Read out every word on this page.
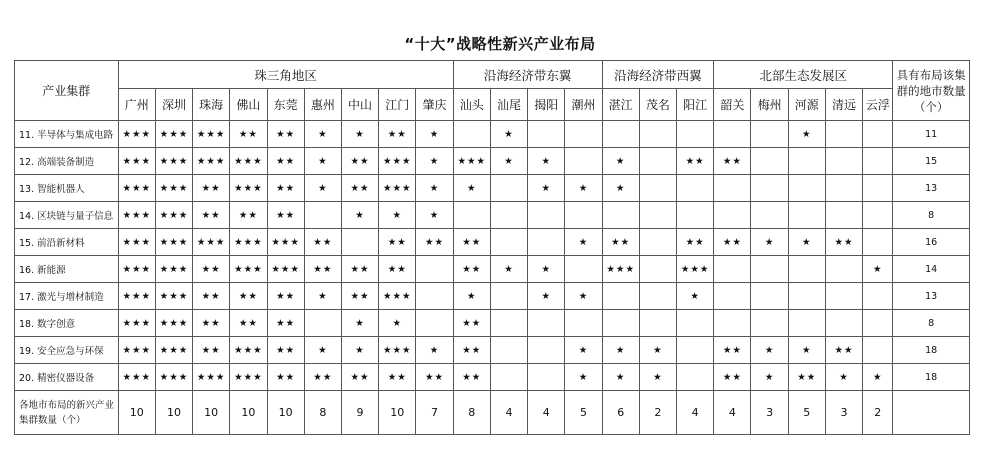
“十大”战略性新兴产业布局
产业集群	珠三角地区									沿海经济带东翼				沿海经济带西翼			北部生态发展区					具有布局该集群的地市数量（个）
	广州	深圳	珠海	佛山	东莞	惠州	中山	江门	肇庆	汕头	汕尾	揭阳	潮州	湛江	茂名	阳江	韶关	梅州	河源	清远	云浮	
11. 半导体与集成电路	★★★	★★★	★★★	★★	★★	★	★	★★	★		★								★			11
12. 高端装备制造	★★★	★★★	★★★	★★★	★★	★	★★	★★★	★	★★★	★	★		★		★★	★★					15
13. 智能机器人	★★★	★★★	★★	★★★	★★	★	★★	★★★	★	★		★	★	★								13
14. 区块链与量子信息	★★★	★★★	★★	★★	★★		★	★	★													8
15. 前沿新材料	★★★	★★★	★★★	★★★	★★★	★★		★★	★★	★★			★	★★		★★	★★	★	★	★★		16
16. 新能源	★★★	★★★	★★	★★★	★★★	★★	★★	★★		★★	★	★		★★★		★★★					★	14
17. 激光与增材制造	★★★	★★★	★★	★★	★★	★	★★	★★★		★		★	★			★						13
18. 数字创意	★★★	★★★	★★	★★	★★		★	★		★★												8
19. 安全应急与环保	★★★	★★★	★★	★★★	★★	★	★	★★★	★	★★			★	★	★		★★	★	★	★★		18
20. 精密仪器设备	★★★	★★★	★★★	★★★	★★	★★	★★	★★	★★	★★			★	★	★		★★	★	★★	★	★	18
各地市布局的新兴产业集群数量（个）	10	10	10	10	10	8	9	10	7	8	4	4	5	6	2	4	4	3	5	3	2	
